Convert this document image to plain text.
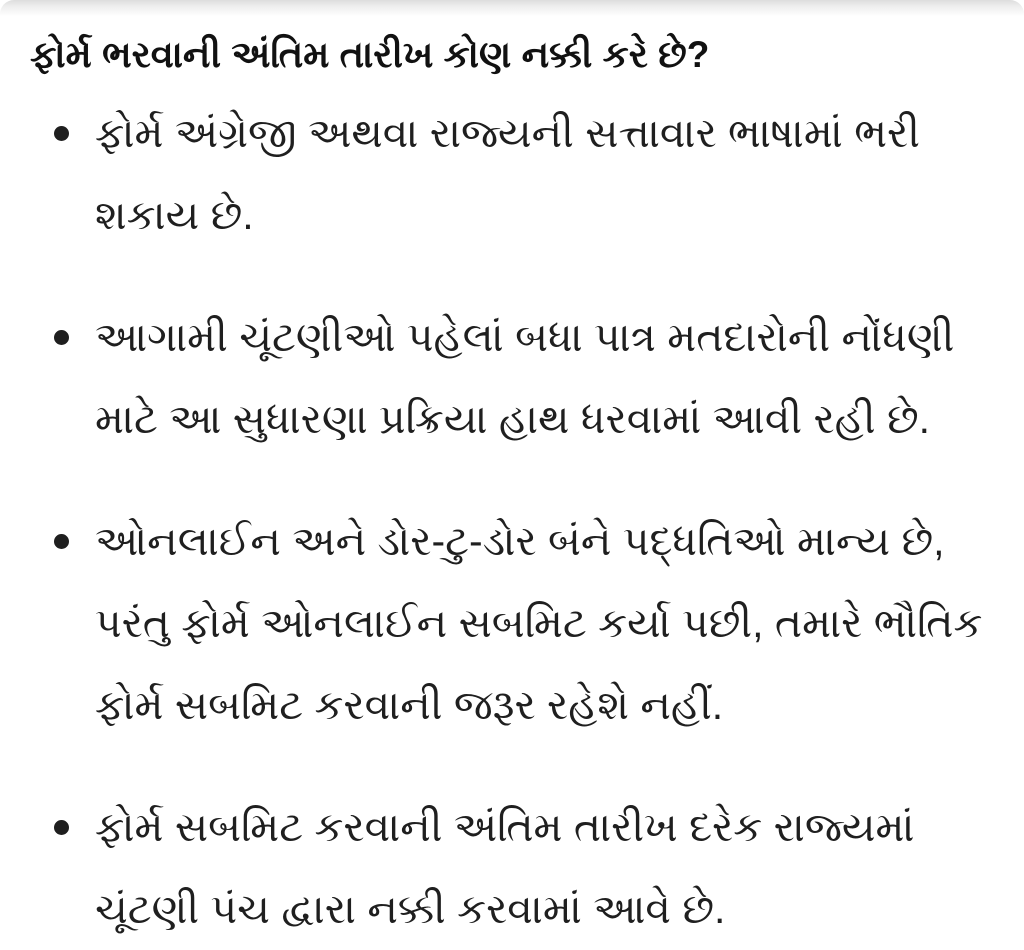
ફોર્મ ભરવાની અંતિમ તારીખ કોણ નક્કી કરે છે?
ફોર્મ અંગ્રેજી અથવા રાજ્યની સત્તાવાર ભાષામાં ભરી શકાય છે.
આગામી ચૂંટણીઓ પહેલાં બધા પાત્ર મતદારોની નોંધણી માટે આ સુધારણા પ્રક્રિયા હાથ ધરવામાં આવી રહી છે.
ઓનલાઈન અને ડોર-ટુ-ડોર બંને પદ્ધતિઓ માન્ય છે, પરંતુ ફોર્મ ઓનલાઈન સબમિટ કર્યા પછી, તમારે ભૌતિક ફોર્મ સબમિટ કરવાની જરૂર રહેશે નહીં.
ફોર્મ સબમિટ કરવાની અંતિમ તારીખ દરેક રાજ્યમાં ચૂંટણી પંચ દ્વારા નક્કી કરવામાં આવે છે.
